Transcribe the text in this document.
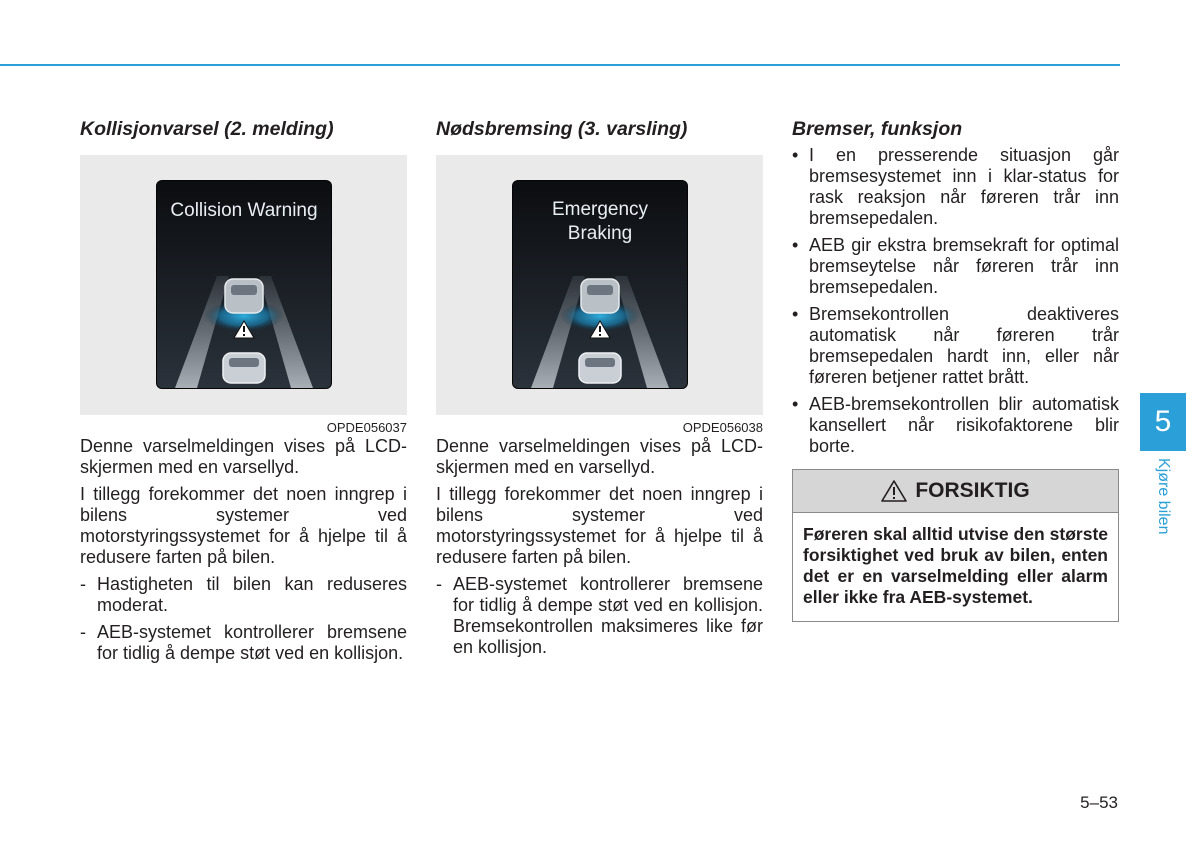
Kollisjonvarsel (2. melding)
Collision Warning
OPDE056037

Denne varselmeldingen vises på LCD-skjermen med en varsellyd.

I tillegg forekommer det noen inngrep i bilens systemer ved motorstyringssystemet for å hjelpe til å redusere farten på bilen.

- Hastigheten til bilen kan reduseres moderat.
- AEB-systemet kontrollerer bremsene for tidlig å dempe støt ved en kollisjon.
Nødsbremsing (3. varsling)
Emergency
Braking
OPDE056038

Denne varselmeldingen vises på LCD-skjermen med en varsellyd.

I tillegg forekommer det noen inngrep i bilens systemer ved motorstyringssystemet for å hjelpe til å redusere farten på bilen.

- AEB-systemet kontrollerer bremsene for tidlig å dempe støt ved en kollisjon. Bremsekontrollen maksimeres like før en kollisjon.
Bremser, funksjon
• I en presserende situasjon går bremsesystemet inn i klar-status for rask reaksjon når føreren trår inn bremsepedalen.
• AEB gir ekstra bremsekraft for optimal bremseytelse når føreren trår inn bremsepedalen.
• Bremsekontrollen deaktiveres automatisk når føreren trår bremsepedalen hardt inn, eller når føreren betjener rattet brått.
• AEB-bremsekontrollen blir automatisk kansellert når risikofaktorene blir borte.
FORSIKTIG
Føreren skal alltid utvise den største forsiktighet ved bruk av bilen, enten det er en varselmelding eller alarm eller ikke fra AEB-systemet.
5
Kjøre bilen
5–53
